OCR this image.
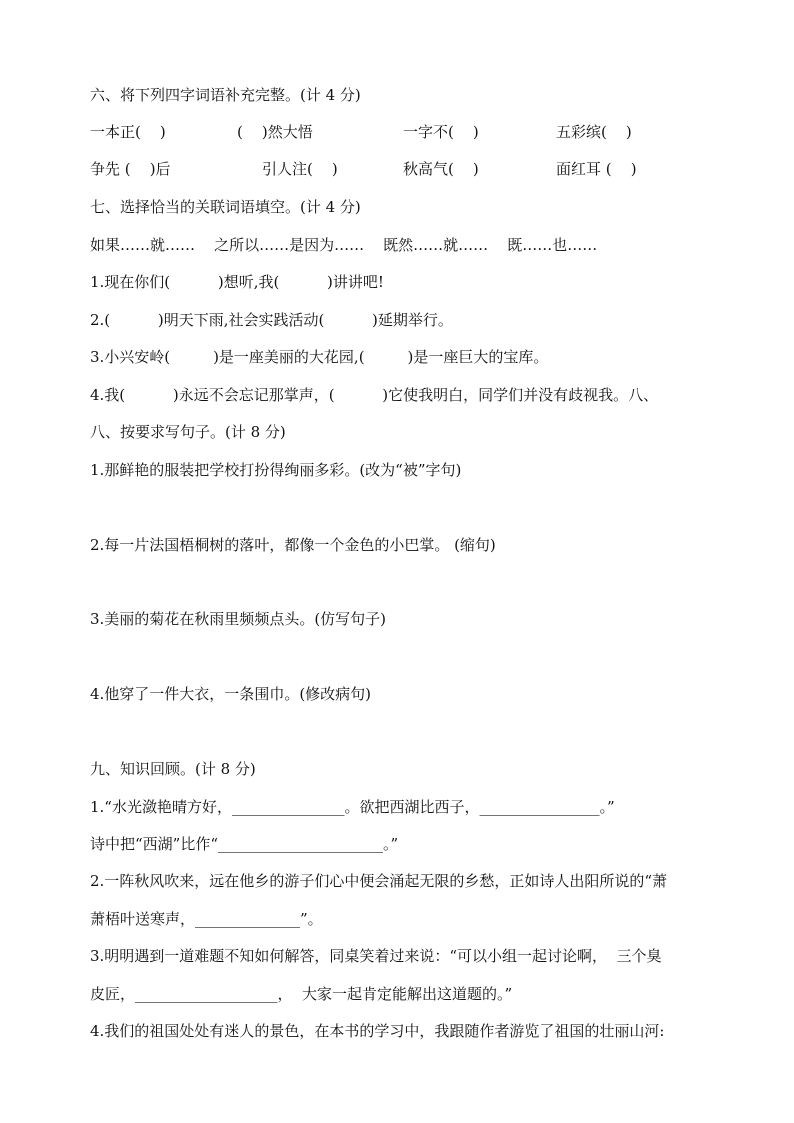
六、将下列四字词语补充完整。(计 4 分)
一本正(    )	(    )然大悟	一字不(    )	五彩缤(    )
争先 (    )后	引人注(    )	秋高气(    )	面红耳 (    )
七、选择恰当的关联词语填空。(计 4 分)
如果……就……    之所以……是因为……    既然……就……    既……也……
1.现在你们(          )想听,我(          )讲讲吧!
2.(          )明天下雨,社会实践活动(          )延期举行。
3.小兴安岭(         )是一座美丽的大花园,(         )是一座巨大的宝库。
4.我(          )永远不会忘记那掌声，(          )它使我明白，同学们并没有歧视我。八、
八、按要求写句子。(计 8 分)
1.那鲜艳的服装把学校打扮得绚丽多彩。(改为“被”字句)
2.每一片法国梧桐树的落叶，都像一个金色的小巴掌。 (缩句)
3.美丽的菊花在秋雨里频频点头。(仿写句子)
4.他穿了一件大衣，一条围巾。(修改病句)
九、知识回顾。(计 8 分)
1.“水光潋艳晴方好，_______________。欲把西湖比西子，________________。”
诗中把“西湖”比作“______________________。”
2.一阵秋风吹来，远在他乡的游子们心中便会涌起无限的乡愁，正如诗人出阳所说的“萧
萧梧叶送寒声，______________”。
3.明明遇到一道难题不知如何解答，同桌笑着过来说：“可以小组一起讨论啊，  三个臭
皮匠，___________________，  大家一起肯定能解出这道题的。”
4.我们的祖国处处有迷人的景色，在本书的学习中，我跟随作者游览了祖国的壮丽山河:
